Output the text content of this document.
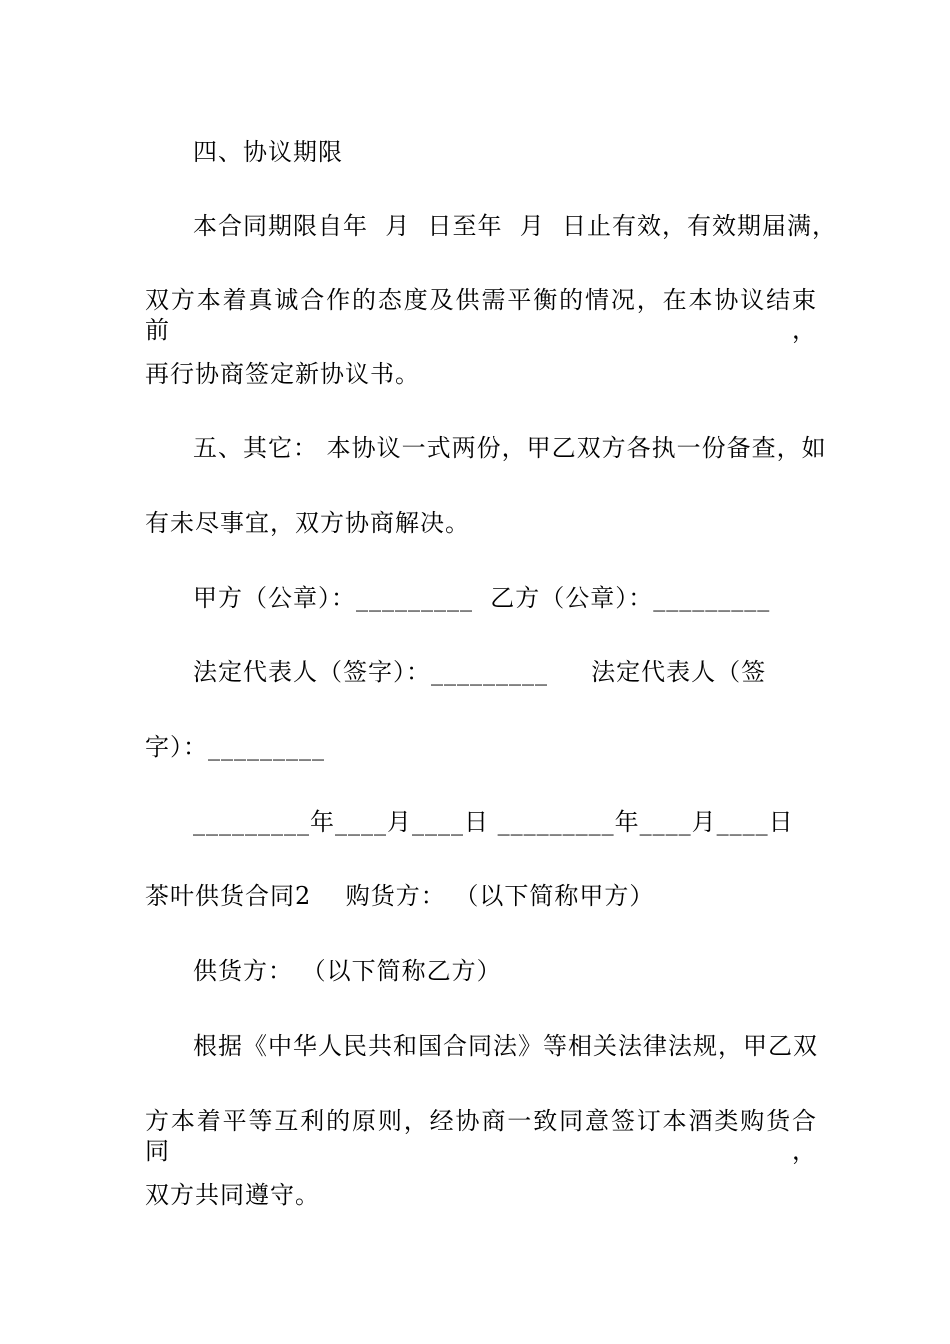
四、协议期限
本合同期限自年  月  日至年  月  日止有效，有效期届满，
双方本着真诚合作的态度及供需平衡的情况，在本协议结束前，
再行协商签定新协议书。
五、其它： 本协议一式两份，甲乙双方各执一份备查，如
有未尽事宜，双方协商解决。
甲方（公章）：_________  乙方（公章）：_________
法定代表人（签字）：_________     法定代表人（签
字）：_________
_________年____月____日 _________年____月____日
茶叶供货合同2    购货方： （以下简称甲方）
供货方： （以下简称乙方）
根据《中华人民共和国合同法》等相关法律法规，甲乙双
方本着平等互利的原则，经协商一致同意签订本酒类购货合同，
双方共同遵守。
